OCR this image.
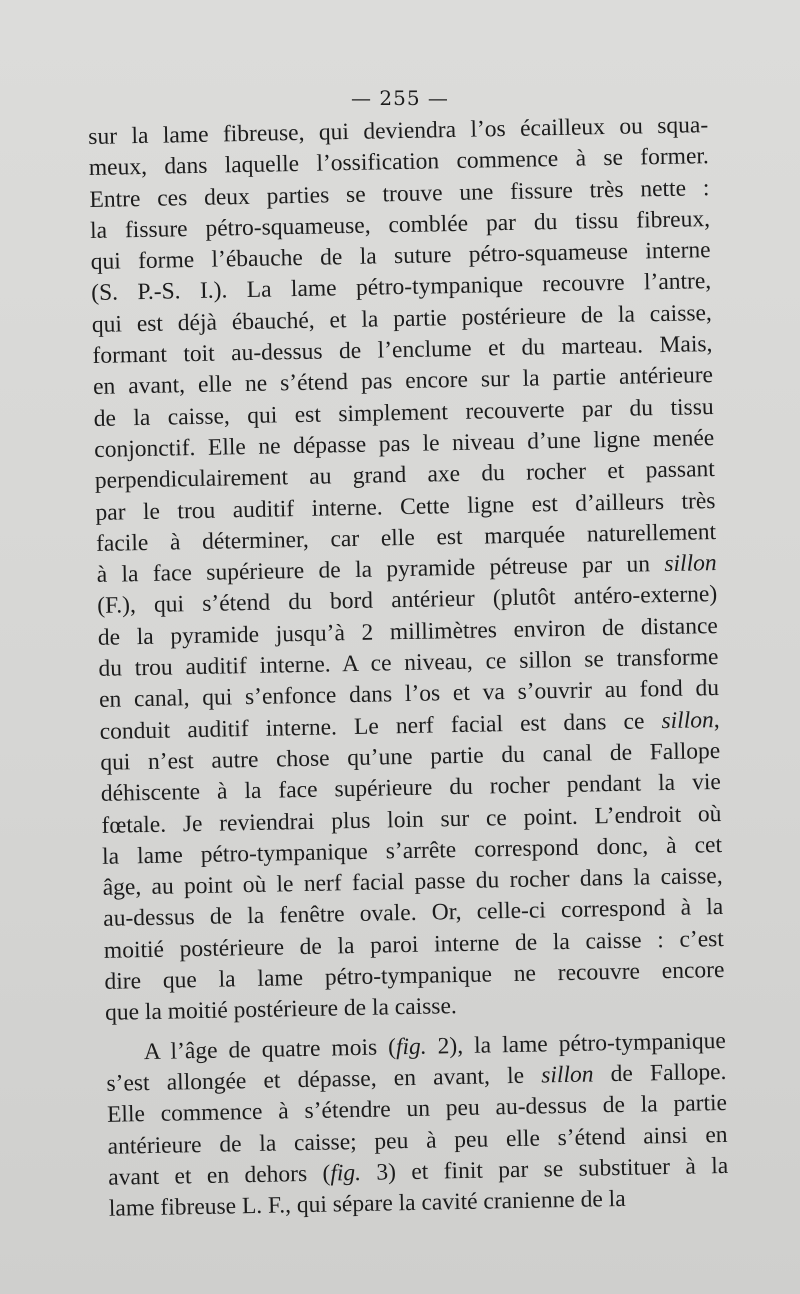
— 255 —
sur la lame fibreuse, qui deviendra l’os écailleux ou squa-
meux, dans laquelle l’ossification commence à se former.
Entre ces deux parties se trouve une fissure très nette :
la fissure pétro-squameuse, comblée par du tissu fibreux,
qui forme l’ébauche de la suture pétro-squameuse interne
(S. P.-S. I.). La lame pétro-tympanique recouvre l’antre,
qui est déjà ébauché, et la partie postérieure de la caisse,
formant toit au-dessus de l’enclume et du marteau. Mais,
en avant, elle ne s’étend pas encore sur la partie antérieure
de la caisse, qui est simplement recouverte par du tissu
conjonctif. Elle ne dépasse pas le niveau d’une ligne menée
perpendiculairement au grand axe du rocher et passant
par le trou auditif interne. Cette ligne est d’ailleurs très
facile à déterminer, car elle est marquée naturellement
à la face supérieure de la pyramide pétreuse par un sillon
(F.), qui s’étend du bord antérieur (plutôt antéro-externe)
de la pyramide jusqu’à 2 millimètres environ de distance
du trou auditif interne. A ce niveau, ce sillon se transforme
en canal, qui s’enfonce dans l’os et va s’ouvrir au fond du
conduit auditif interne. Le nerf facial est dans ce sillon,
qui n’est autre chose qu’une partie du canal de Fallope
déhiscente à la face supérieure du rocher pendant la vie
fœtale. Je reviendrai plus loin sur ce point. L’endroit où
la lame pétro-tympanique s’arrête correspond donc, à cet
âge, au point où le nerf facial passe du rocher dans la caisse,
au-dessus de la fenêtre ovale. Or, celle-ci correspond à la
moitié postérieure de la paroi interne de la caisse : c’est
dire que la lame pétro-tympanique ne recouvre encore
que la moitié postérieure de la caisse.
A l’âge de quatre mois (fig. 2), la lame pétro-tympanique
s’est allongée et dépasse, en avant, le sillon de Fallope.
Elle commence à s’étendre un peu au-dessus de la partie
antérieure de la caisse; peu à peu elle s’étend ainsi en
avant et en dehors (fig. 3) et finit par se substituer à la
lame fibreuse L. F., qui sépare la cavité cranienne de la
